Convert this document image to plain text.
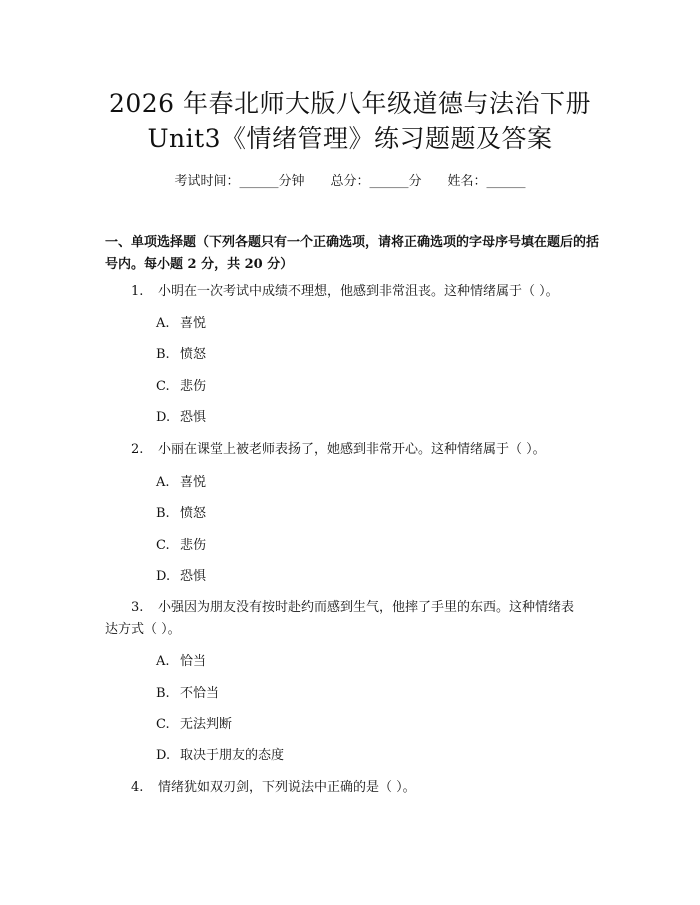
2026 年春北师大版八年级道德与法治下册
Unit3《情绪管理》练习题题及答案
考试时间：______分钟 总分：______分 姓名：______
一、单项选择题（下列各题只有一个正确选项，请将正确选项的字母序号填在题后的括号内。每小题 2 分，共 20 分）
1. 小明在一次考试中成绩不理想，他感到非常沮丧。这种情绪属于（ ）。
A. 喜悦
B. 愤怒
C. 悲伤
D. 恐惧
2. 小丽在课堂上被老师表扬了，她感到非常开心。这种情绪属于（ ）。
A. 喜悦
B. 愤怒
C. 悲伤
D. 恐惧
3. 小强因为朋友没有按时赴约而感到生气，他摔了手里的东西。这种情绪表
达方式（ ）。
A. 恰当
B. 不恰当
C. 无法判断
D. 取决于朋友的态度
4. 情绪犹如双刃剑，下列说法中正确的是（ ）。
